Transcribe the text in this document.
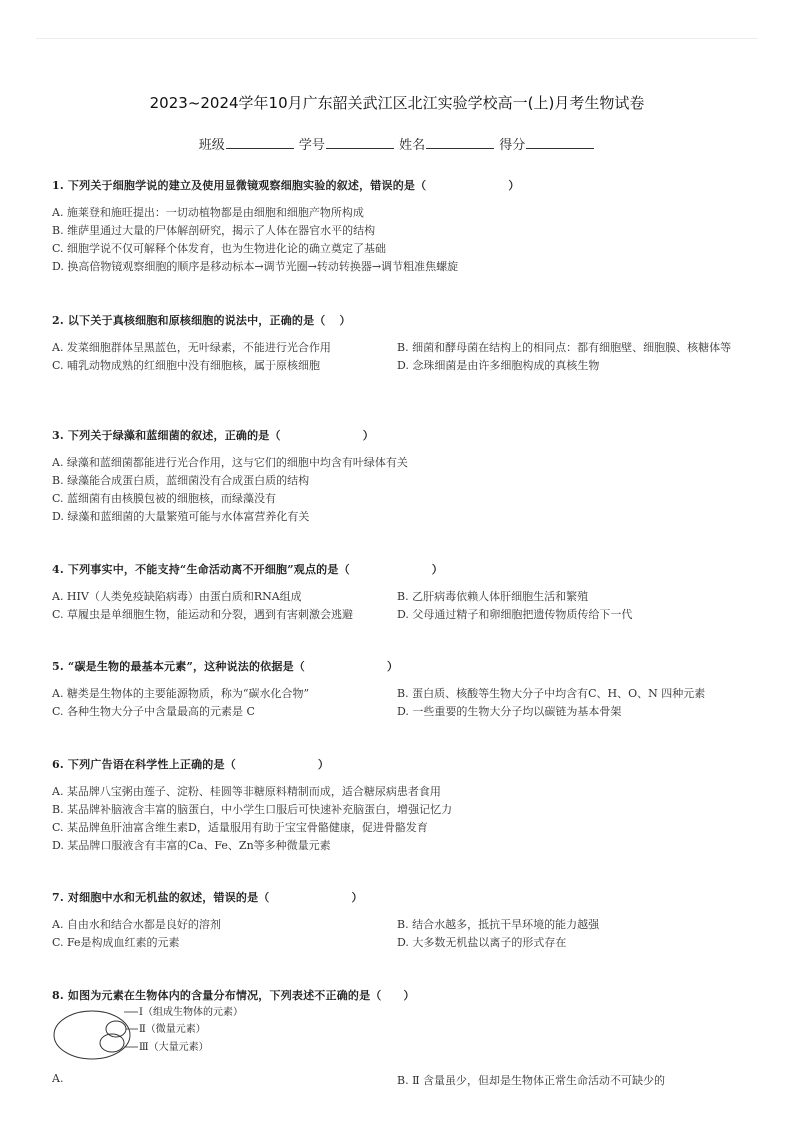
2023~2024学年10月广东韶关武江区北江实验学校高一(上)月考生物试卷
班级	学号	姓名	得分
1. 下列关于细胞学说的建立及使用显微镜观察细胞实验的叙述，错误的是（	）
A. 施莱登和施旺提出：一切动植物都是由细胞和细胞产物所构成
B. 维萨里通过大量的尸体解剖研究，揭示了人体在器官水平的结构
C. 细胞学说不仅可解释个体发育，也为生物进化论的确立奠定了基础
D. 换高倍物镜观察细胞的顺序是移动标本→调节光圈→转动转换器→调节粗准焦螺旋
2. 以下关于真核细胞和原核细胞的说法中，正确的是（ ）
A. 发菜细胞群体呈黑蓝色，无叶绿素，不能进行光合作用	B. 细菌和酵母菌在结构上的相同点：都有细胞壁、细胞膜、核糖体等
C. 哺乳动物成熟的红细胞中没有细胞核，属于原核细胞	D. 念珠细菌是由许多细胞构成的真核生物
3. 下列关于绿藻和蓝细菌的叙述，正确的是（	）
A. 绿藻和蓝细菌都能进行光合作用，这与它们的细胞中均含有叶绿体有关
B. 绿藻能合成蛋白质，蓝细菌没有合成蛋白质的结构
C. 蓝细菌有由核膜包被的细胞核，而绿藻没有
D. 绿藻和蓝细菌的大量繁殖可能与水体富营养化有关
4. 下列事实中，不能支持“生命活动离不开细胞”观点的是（	）
A. HIV（人类免疫缺陷病毒）由蛋白质和RNA组成	B. 乙肝病毒依赖人体肝细胞生活和繁殖
C. 草履虫是单细胞生物，能运动和分裂，遇到有害刺激会逃避	D. 父母通过精子和卵细胞把遗传物质传给下一代
5. “碳是生物的最基本元素”，这种说法的依据是（	）
A. 糖类是生物体的主要能源物质，称为“碳水化合物”	B. 蛋白质、核酸等生物大分子中均含有C、H、O、N 四种元素
C. 各种生物大分子中含量最高的元素是 C	D. 一些重要的生物大分子均以碳链为基本骨架
6. 下列广告语在科学性上正确的是（	）
A. 某品牌八宝粥由莲子、淀粉、桂圆等非糖原料精制而成，适合糖尿病患者食用
B. 某品牌补脑液含丰富的脑蛋白，中小学生口服后可快速补充脑蛋白，增强记忆力
C. 某品牌鱼肝油富含维生素D，适量服用有助于宝宝骨骼健康，促进骨骼发育
D. 某品牌口服液含有丰富的Ca、Fe、Zn等多种微量元素
7. 对细胞中水和无机盐的叙述，错误的是（	）
A. 自由水和结合水都是良好的溶剂	B. 结合水越多，抵抗干旱环境的能力越强
C. Fe是构成血红素的元素	D. 大多数无机盐以离子的形式存在
8. 如图为元素在生物体内的含量分布情况，下列表述不正确的是（ ）
Ⅰ（组成生物体的元素）
Ⅱ（微量元素）
Ⅲ（大量元素）
A.	B. Ⅱ 含量虽少，但却是生物体正常生命活动不可缺少的
